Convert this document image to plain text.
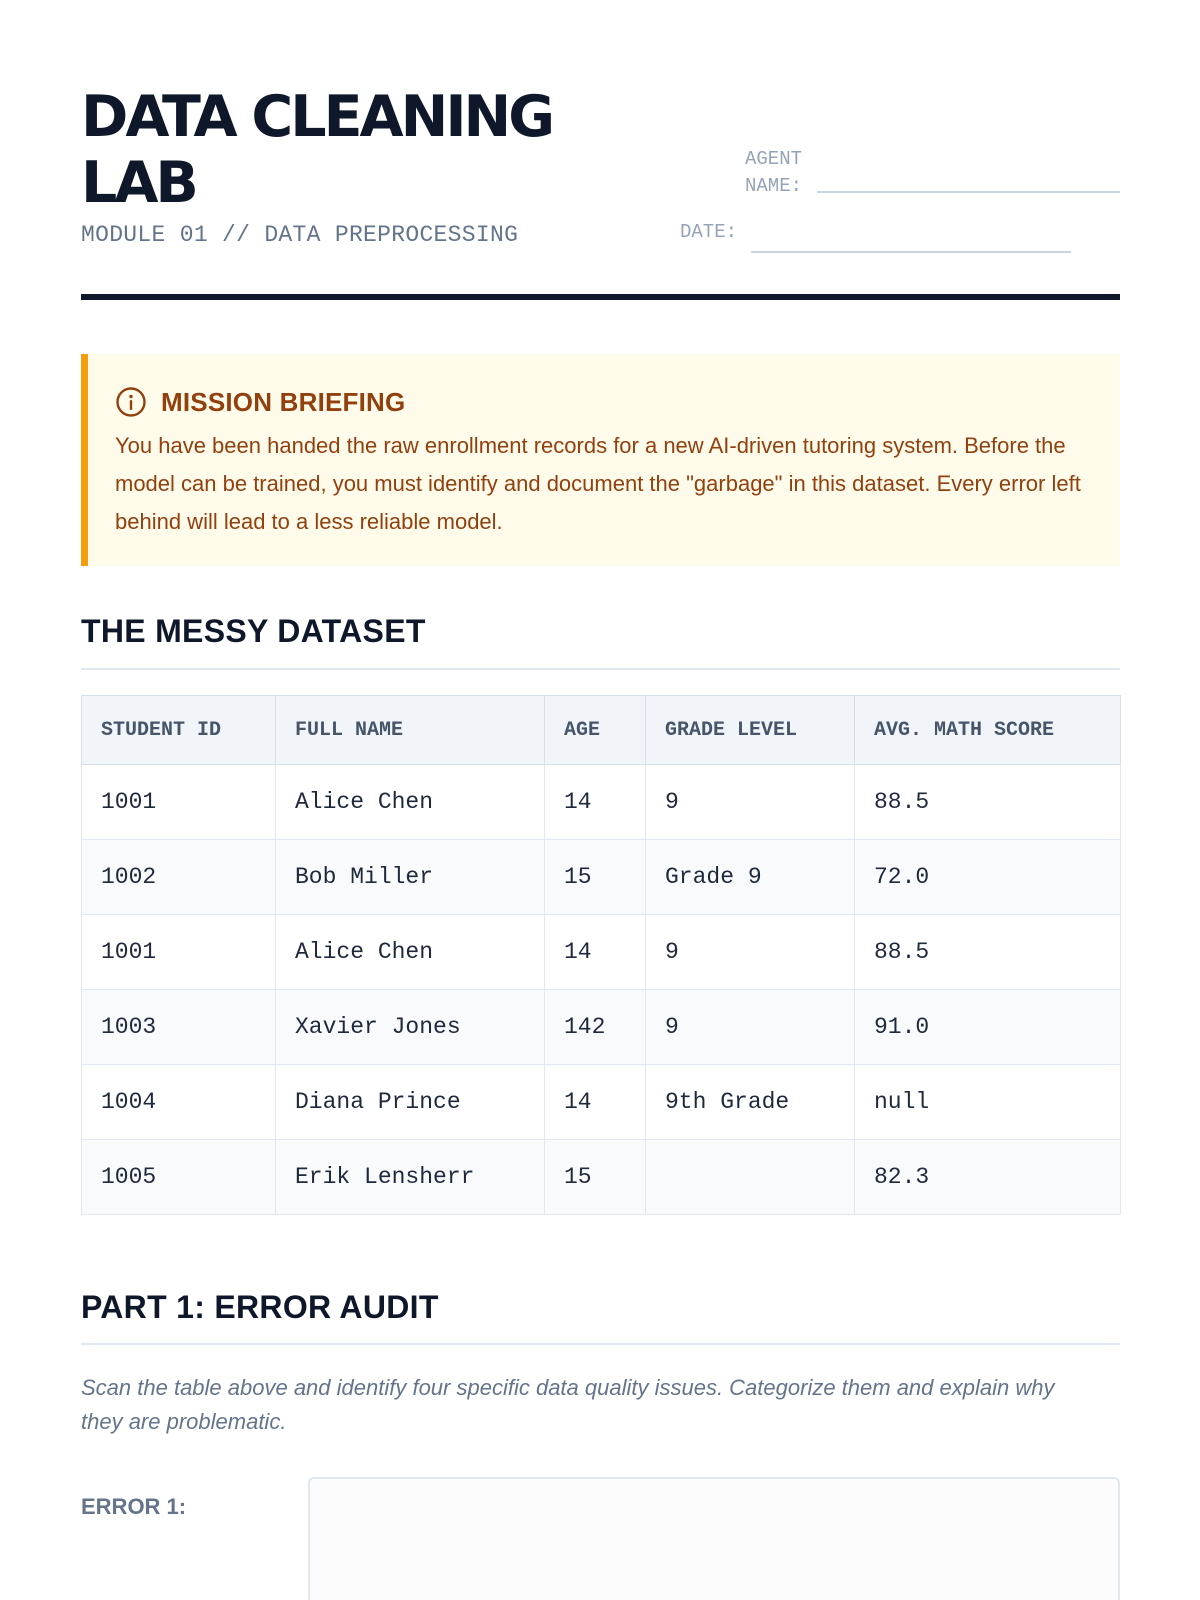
DATA CLEANING LAB
MODULE 01 // DATA PREPROCESSING
AGENT NAME:
DATE:
MISSION BRIEFING
You have been handed the raw enrollment records for a new AI-driven tutoring system. Before the model can be trained, you must identify and document the "garbage" in this dataset. Every error left behind will lead to a less reliable model.
THE MESSY DATASET
STUDENT ID	FULL NAME	AGE	GRADE LEVEL	AVG. MATH SCORE
1001	Alice Chen	14	9	88.5
1002	Bob Miller	15	Grade 9	72.0
1001	Alice Chen	14	9	88.5
1003	Xavier Jones	142	9	91.0
1004	Diana Prince	14	9th Grade	null
1005	Erik Lensherr	15		82.3
PART 1: ERROR AUDIT
Scan the table above and identify four specific data quality issues. Categorize them and explain why they are problematic.
ERROR 1:
